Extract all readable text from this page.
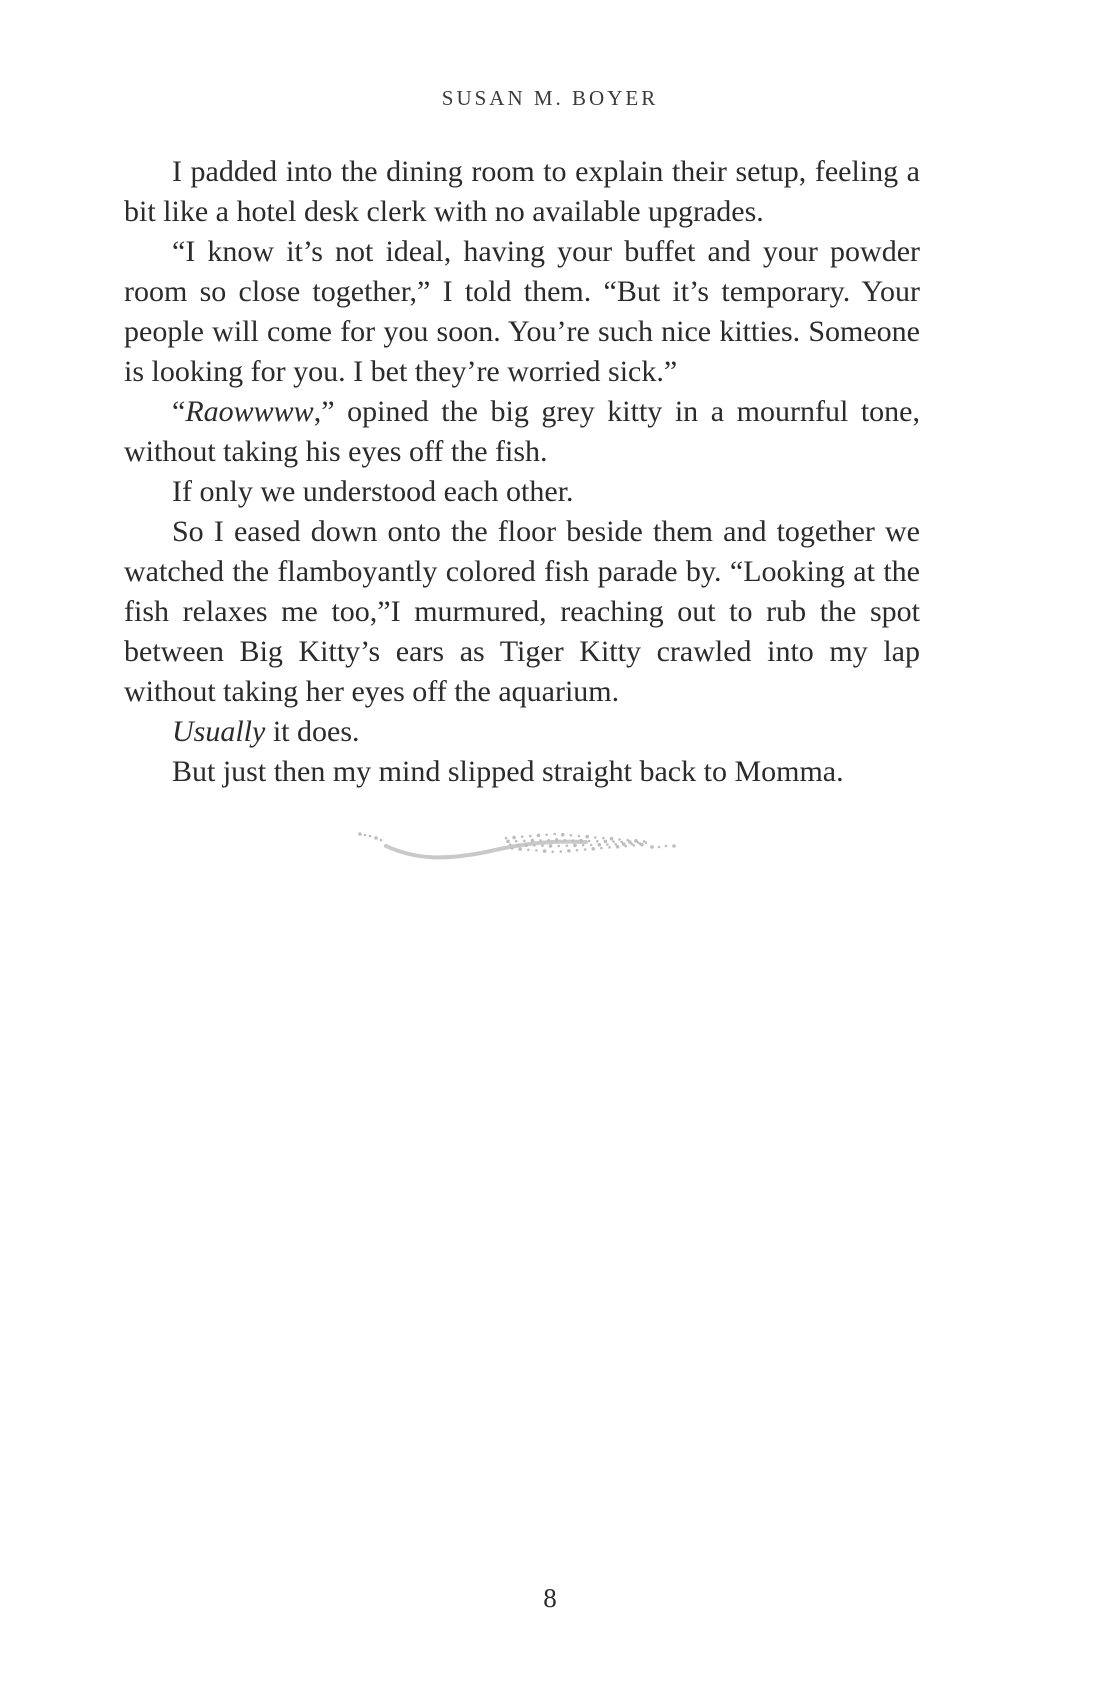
SUSAN M. BOYER

I padded into the dining room to explain their setup, feeling a bit like a hotel desk clerk with no available upgrades.

“I know it’s not ideal, having your buffet and your powder room so close together,” I told them. “But it’s temporary. Your people will come for you soon. You’re such nice kitties. Someone is looking for you. I bet they’re worried sick.”

“Raowwww,” opined the big grey kitty in a mournful tone, without taking his eyes off the fish.

If only we understood each other.

So I eased down onto the floor beside them and together we watched the flamboyantly colored fish parade by. “Looking at the fish relaxes me too,”I murmured, reaching out to rub the spot between Big Kitty’s ears as Tiger Kitty crawled into my lap without taking her eyes off the aquarium.

Usually it does.

But just then my mind slipped straight back to Momma.

8
